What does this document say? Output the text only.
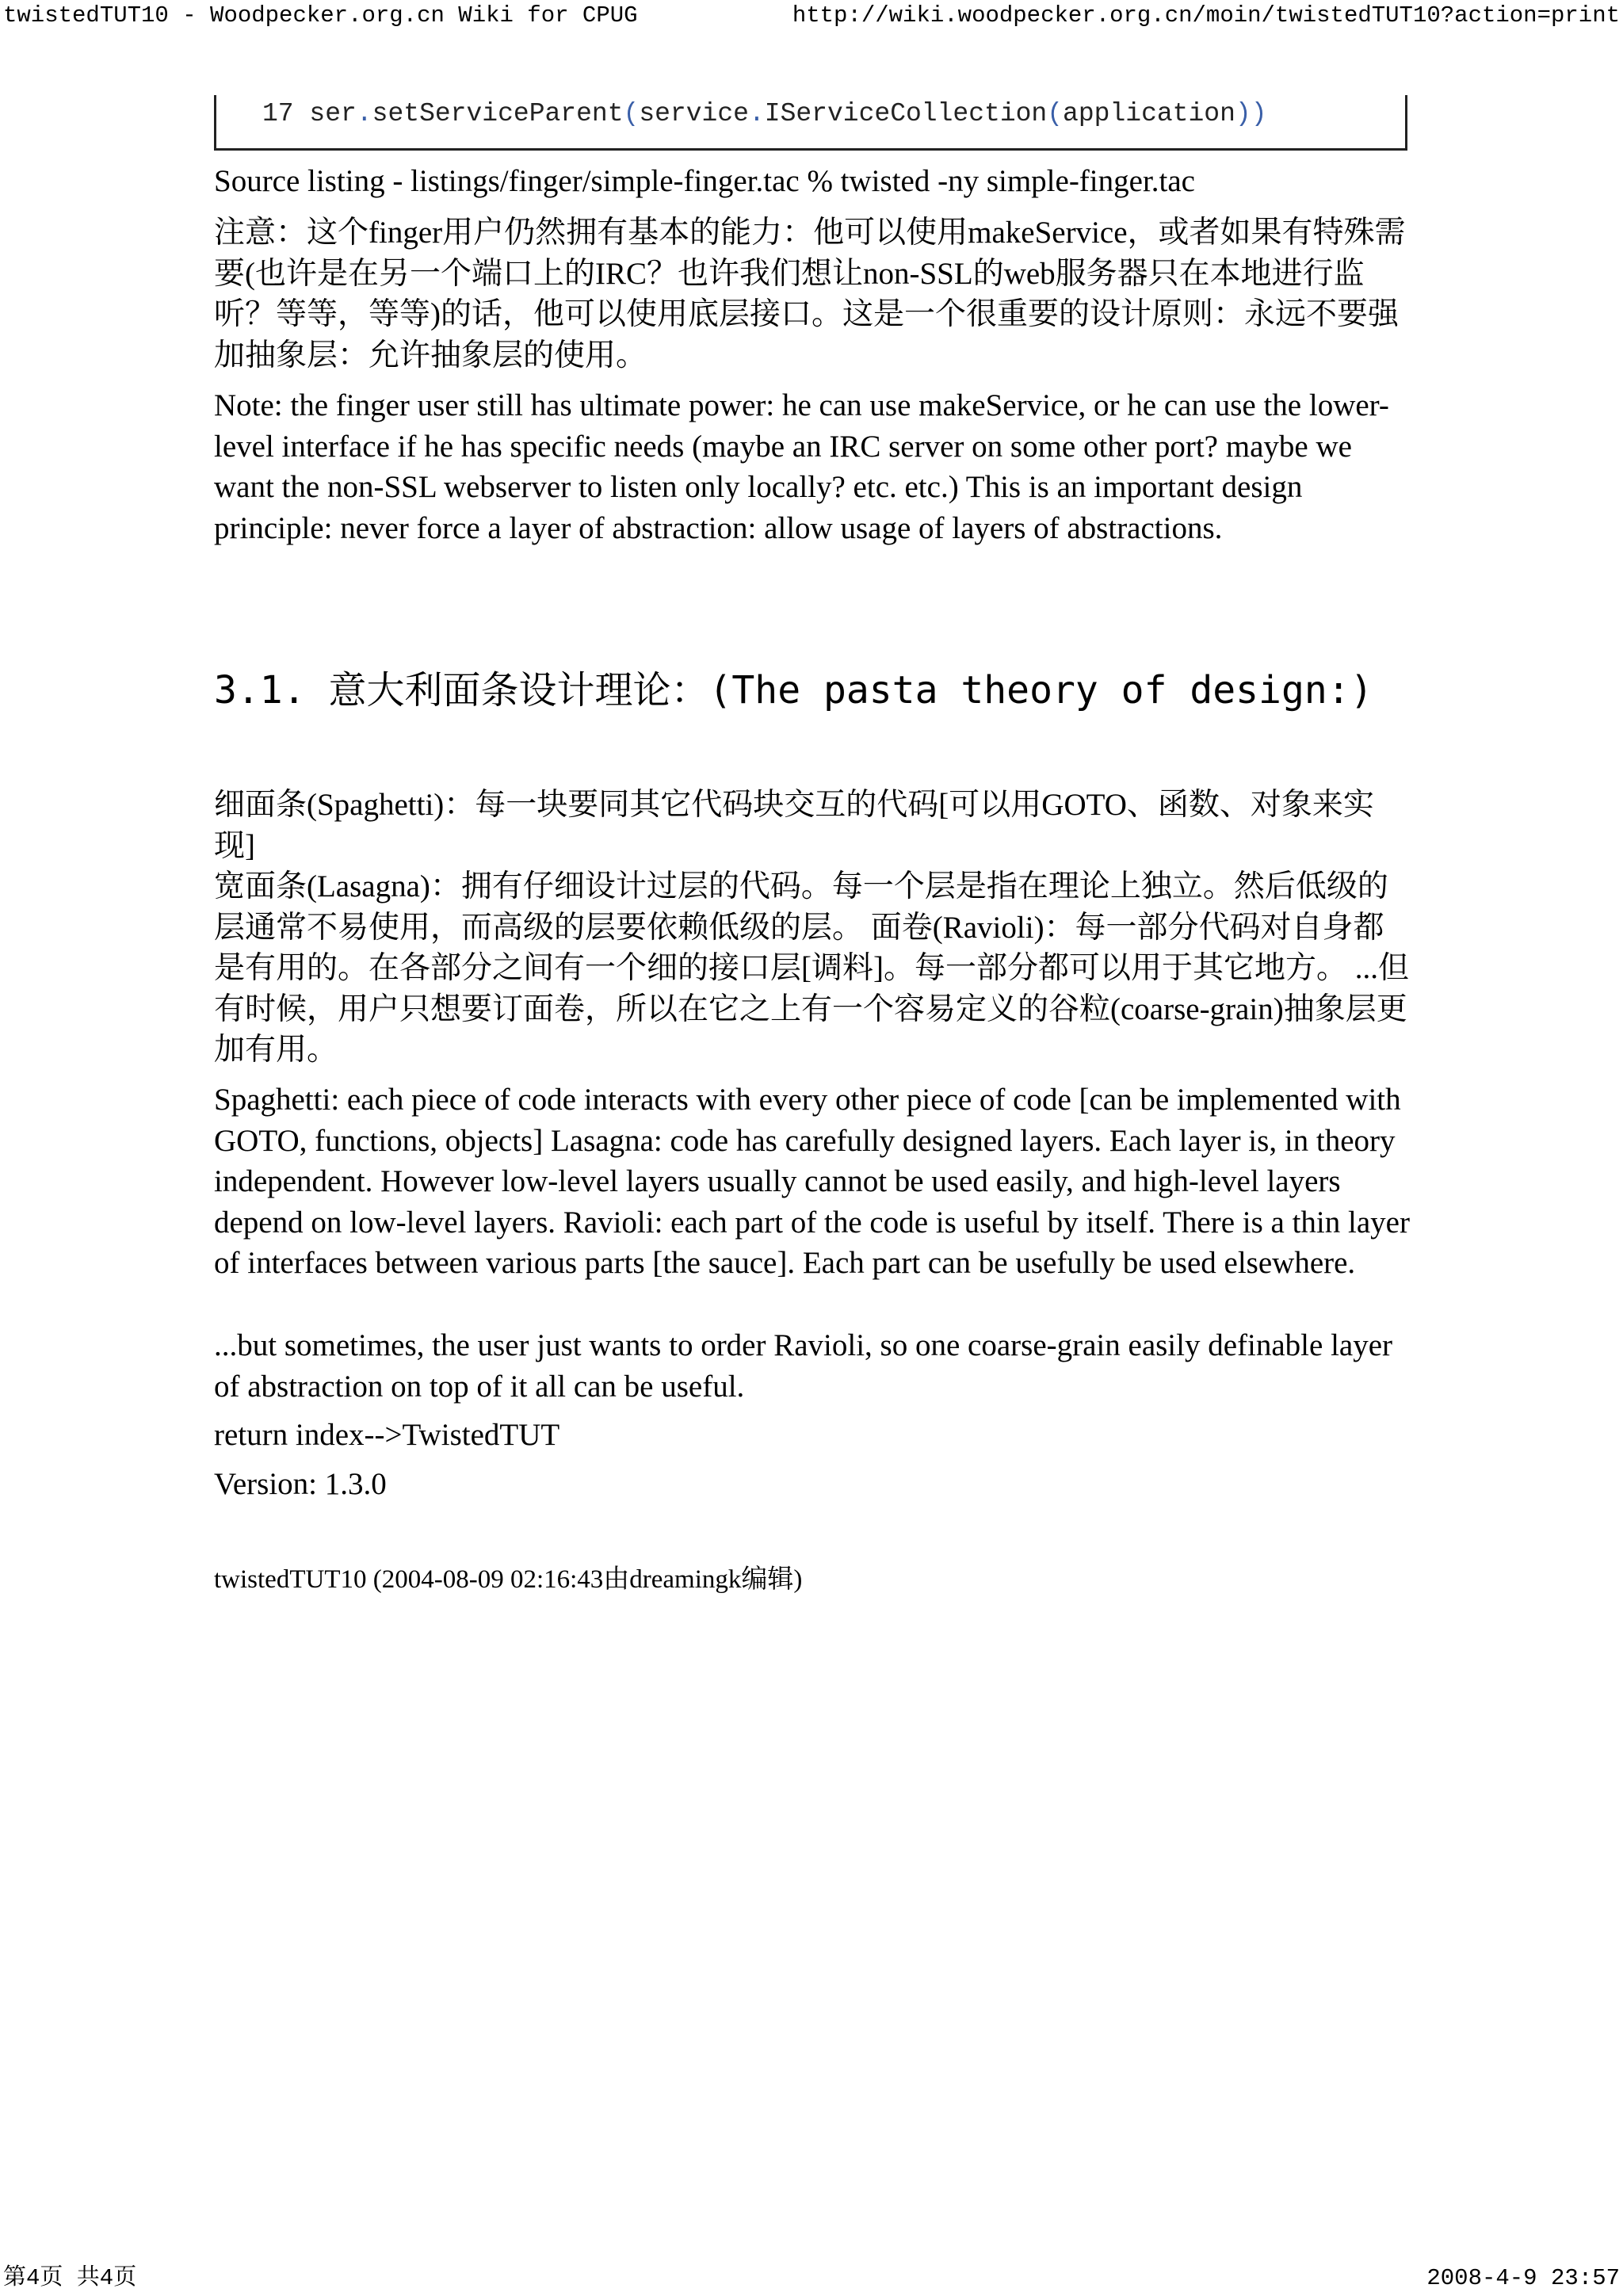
twistedTUT10 - Woodpecker.org.cn Wiki for CPUG	http://wiki.woodpecker.org.cn/moin/twistedTUT10?action=print
17 ser.setServiceParent(service.IServiceCollection(application))

Source listing - listings/finger/simple-finger.tac % twisted -ny simple-finger.tac

注意：这个finger用户仍然拥有基本的能力：他可以使用makeService，或者如果有特殊需要(也许是在另一个端口上的IRC？也许我们想让non-SSL的web服务器只在本地进行监听？等等，等等)的话，他可以使用底层接口。这是一个很重要的设计原则：永远不要强加抽象层：允许抽象层的使用。

Note: the finger user still has ultimate power: he can use makeService, or he can use the lower-level interface if he has specific needs (maybe an IRC server on some other port? maybe we want the non-SSL webserver to listen only locally? etc. etc.) This is an important design principle: never force a layer of abstraction: allow usage of layers of abstractions.

3.1. 意大利面条设计理论：(The pasta theory of design:)

细面条(Spaghetti)：每一块要同其它代码块交互的代码[可以用GOTO、函数、对象来实现]

宽面条(Lasagna)：拥有仔细设计过层的代码。每一个层是指在理论上独立。然后低级的层通常不易使用，而高级的层要依赖低级的层。 面卷(Ravioli)：每一部分代码对自身都是有用的。在各部分之间有一个细的接口层[调料]。每一部分都可以用于其它地方。 ...但有时候，用户只想要订面卷，所以在它之上有一个容易定义的谷粒(coarse-grain)抽象层更加有用。

Spaghetti: each piece of code interacts with every other piece of code [can be implemented with GOTO, functions, objects] Lasagna: code has carefully designed layers. Each layer is, in theory independent. However low-level layers usually cannot be used easily, and high-level layers depend on low-level layers. Ravioli: each part of the code is useful by itself. There is a thin layer of interfaces between various parts [the sauce]. Each part can be usefully be used elsewhere.

...but sometimes, the user just wants to order Ravioli, so one coarse-grain easily definable layer of abstraction on top of it all can be useful.

return index-->TwistedTUT

Version: 1.3.0

twistedTUT10 (2004-08-09 02:16:43由dreamingk编辑)

第4页 共4页	2008-4-9 23:57
